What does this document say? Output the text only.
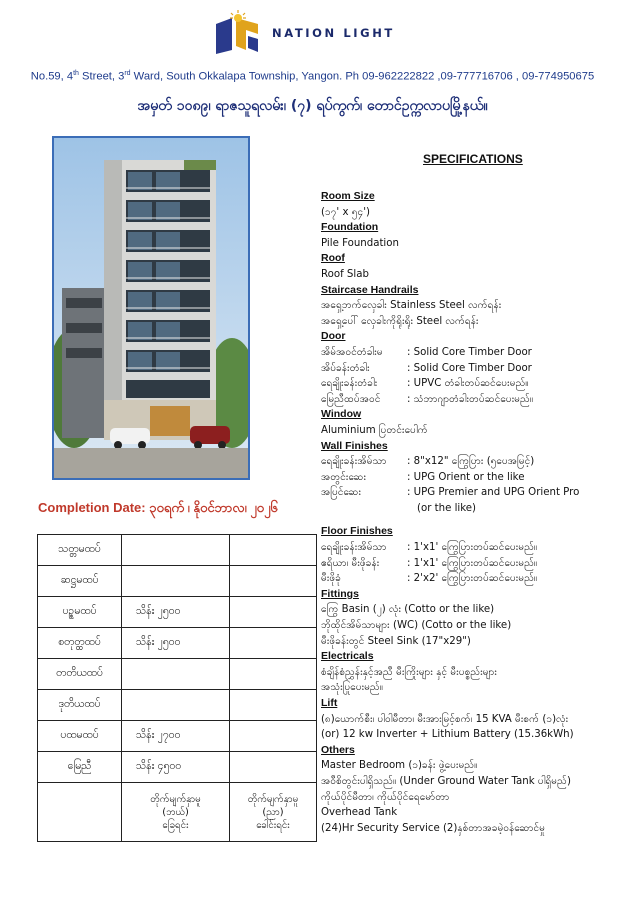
NATION LIGHT
No.59, 4th Street, 3rd Ward, South Okkalapa Township, Yangon. Ph 09-962222822 ,09-777716706 , 09-774950675
အမှတ် ၁၀၈၉၊ ရာဇသူရလမ်း၊ (၇) ရပ်ကွက်၊ တောင်ဥက္ကလာပမြို့နယ်။
Completion Date: ၃၀ရက် ၊ နိုဝင်ဘာလ၊ ၂၀၂၆
သတ္တမထပ်		
ဆဋ္ဌမထပ်		
ပဥ္စမထပ်	သိန်း ၂၅၀၀	
စတုတ္ထထပ်	သိန်း ၂၅၀၀	
တတိယထပ်		
ဒုတိယထပ်		
ပထမထပ်	သိန်း ၂၇၀၀	
မြေညီ	သိန်း ၄၅၀၀	
	တိုက်မျက်နှာမူ
(ဘယ်)
ခြေရင်း	တိုက်မျက်နှာမူ
(ညာ)
ခေါင်းရင်း
SPECIFICATIONS
Room Size
(၁၇' x ၅၄')
Foundation
Pile Foundation
Roof
Roof Slab
Staircase Handrails
အရှေ့ဘက်လှေခါး Stainless Steel လက်ရန်း
အရှေ့ပေါ် လှေခါးကိုရိုးရိုး Steel လက်ရန်း
Door
အိမ်အဝင်တံခါးမ : Solid Core Timber Door
အိပ်ခန်းတံခါး	: Solid Core Timber Door
ရေချိုးခန်းတံခါး	: UPVC တံခါးတပ်ဆင်ပေးမည်။
မြေညီထပ်အဝင်	: သံဘာဂျာတံခါးတပ်ဆင်ပေးမည်။
Window
Aluminium ပြတင်းပေါက်
Wall Finishes
ရေချိုးခန်းအိမ်သာ : 8"x12" ကြွေပြား (၅ပေအမြင့်)
အတွင်းဆေး	: UPG Orient or the like
အပြင်ဆေး	: UPG Premier and UPG Orient Pro
(or the like)
Floor Finishes
ရေချိုးခန်းအိမ်သာ : 1'x1' ကြွေပြားတပ်ဆင်ပေးမည်။
ဧရိယာ၊ မီးဖိုခန်း	: 1'x1' ကြွေပြားတပ်ဆင်ပေးမည်။
မီးဖိုခုံ	: 2'x2' ကြွေပြားတပ်ဆင်ပေးမည်။
Fittings
ကြွေ Basin (၂) လုံး (Cotto or the like)
ဘိုထိုင်အိမ်သာများ (WC) (Cotto or the like)
မီးဖိုခန်းတွင် Steel Sink (17"x29")
Electricals
စံချိန်စံညွှန်းနှင့်အညီ မီးကြိုးများ နှင့် မီးပစ္စည်းများ
အသုံးပြုပေးမည်။
Lift
(၈)ယောက်စီး၊ ပါဝါမီတာ၊ မီးအားမြင့်စက်၊ 15 KVA မီးစက် (၁)လုံး
(or) 12 kw Inverter + Lithium Battery (15.36kWh)
Others
Master Bedroom (၁)ခန်း ဖွဲ့ပေးမည်။
အဝီစိတွင်းပါရှိသည်။ (Under Ground Water Tank ပါရှိမည်)
ကိုယ်ပိုင်မီတာ၊ ကိုယ်ပိုင်ရေမော်တာ
Overhead Tank
(24)Hr Security Service (2)နှစ်တာအခမဲ့ဝန်ဆောင်မှု
